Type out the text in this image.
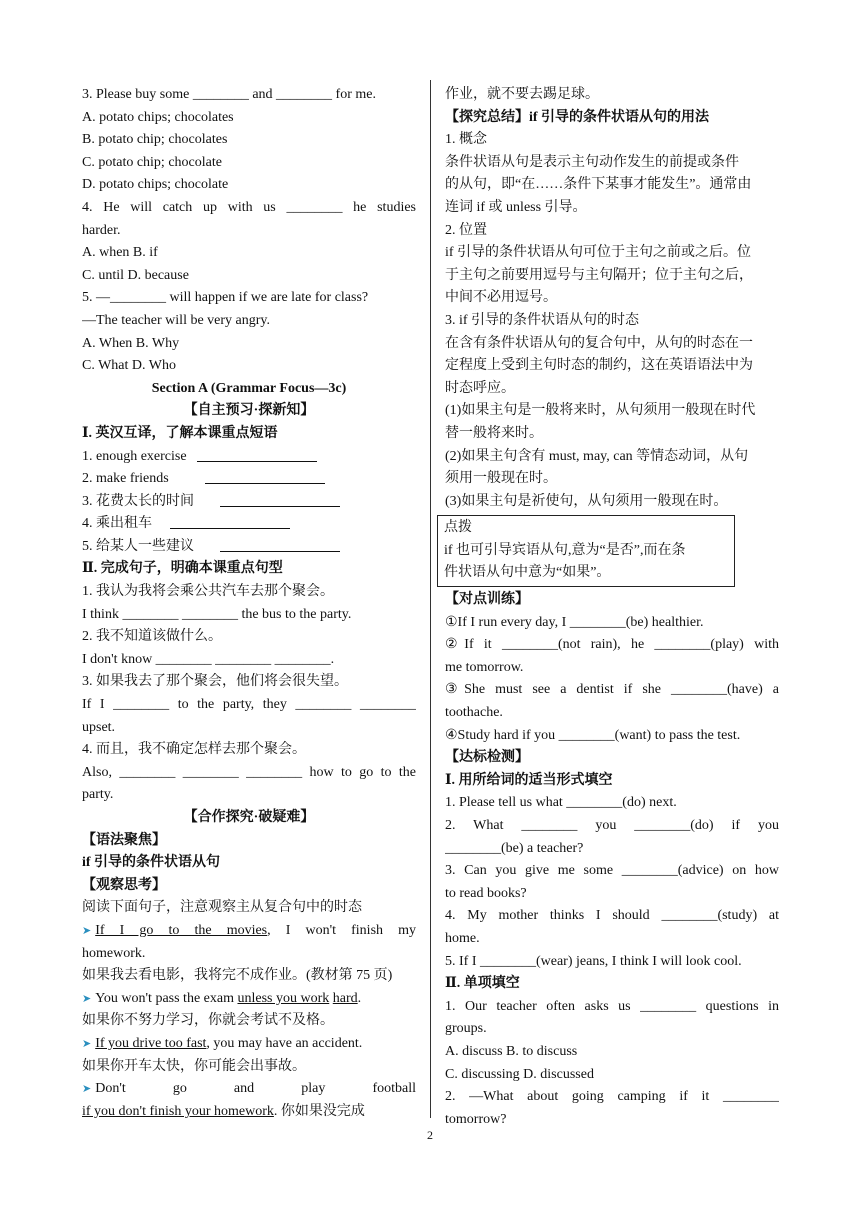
3. Please buy some ________ and ________ for me.
A. potato chips; chocolates
B. potato chip; chocolates
C. potato chip; chocolate
D. potato chips; chocolate
4. He will catch up with us ________ he studies
harder.
A. when B. if
C. until D. because
5. —________ will happen if we are late for class?
—The teacher will be very angry.
A. When B. Why
C. What D. Who
Section A (Grammar Focus—3c)
【自主预习·探新知】
Ⅰ. 英汉互译，了解本课重点短语
1. enough exercise
2. make friends
3. 花费太长的时间
4. 乘出租车
5. 给某人一些建议
Ⅱ. 完成句子，明确本课重点句型
1. 我认为我将会乘公共汽车去那个聚会。
I think ________ ________ the bus to the party.
2. 我不知道该做什么。
I don't know ________ ________ ________.
3. 如果我去了那个聚会，他们将会很失望。
If I ________ to the party, they ________ ________
upset.
4. 而且，我不确定怎样去那个聚会。
Also, ________ ________ ________ how to go to the
party.
【合作探究·破疑难】
【语法聚焦】
if 引导的条件状语从句
【观察思考】
阅读下面句子，注意观察主从复合句中的时态
➤ If I go to the movies, I won't finish my
homework.
如果我去看电影，我将完不成作业。(教材第 75 页)
➤ You won't pass the exam unless you work hard.
如果你不努力学习，你就会考试不及格。
➤ If you drive too fast, you may have an accident.
如果你开车太快，你可能会出事故。
➤ Don't go and play football
if you don't finish your homework. 你如果没完成
作业，就不要去踢足球。
【探究总结】if 引导的条件状语从句的用法
1. 概念
条件状语从句是表示主句动作发生的前提或条件
的从句，即“在……条件下某事才能发生”。通常由
连词 if 或 unless 引导。
2. 位置
if 引导的条件状语从句可位于主句之前或之后。位
于主句之前要用逗号与主句隔开；位于主句之后，
中间不必用逗号。
3. if 引导的条件状语从句的时态
在含有条件状语从句的复合句中，从句的时态在一
定程度上受到主句时态的制约，这在英语语法中为
时态呼应。
(1)如果主句是一般将来时，从句须用一般现在时代
替一般将来时。
(2)如果主句含有 must, may, can 等情态动词，从句
须用一般现在时。
(3)如果主句是祈使句，从句须用一般现在时。
点拨
if 也可引导宾语从句,意为“是否”,而在条
件状语从句中意为“如果”。
【对点训练】
①If I run every day, I ________(be) healthier.
②If it ________(not rain), he ________(play) with
me tomorrow.
③She must see a dentist if she ________(have) a
toothache.
④Study hard if you ________(want) to pass the test.
【达标检测】
Ⅰ. 用所给词的适当形式填空
1. Please tell us what ________(do) next.
2. What ________ you ________(do) if you
________(be) a teacher?
3. Can you give me some ________(advice) on how
to read books?
4. My mother thinks I should ________(study) at
home.
5. If I ________(wear) jeans, I think I will look cool.
Ⅱ. 单项填空
1. Our teacher often asks us ________ questions in
groups.
A. discuss B. to discuss
C. discussing D. discussed
2. —What about going camping if it ________
tomorrow?
2
